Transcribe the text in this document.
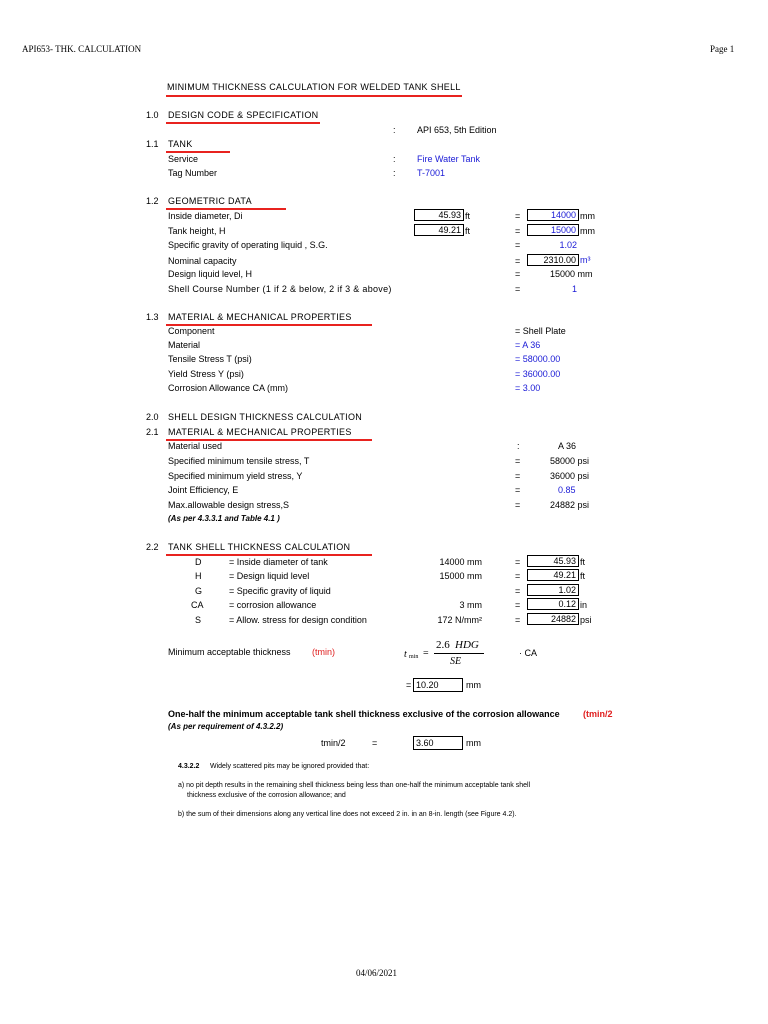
API653- THK. CALCULATION	Page 1
MINIMUM THICKNESS CALCULATION FOR WELDED TANK SHELL
1.0 DESIGN CODE & SPECIFICATION
: API 653, 5th Edition
1.1 TANK
Service	: Fire Water Tank
Tag Number	: T-7001
1.2 GEOMETRIC DATA
Inside diameter, Di	45.93 ft	=	14000 mm
Tank height, H	49.21 ft	=	15000 mm
Specific gravity of operating liquid , S.G.	=	1.02
Nominal capacity	=	2310.00 m³
Design liquid level, H	=	15000 mm
Shell Course Number (1 if 2 & below, 2 if 3 & above)	=	1
1.3 MATERIAL & MECHANICAL PROPERTIES
Component	= Shell Plate
Material	= A 36
Tensile Stress T (psi)	= 58000.00
Yield Stress Y (psi)	= 36000.00
Corrosion Allowance CA (mm)	= 3.00
2.0 SHELL DESIGN THICKNESS CALCULATION
2.1 MATERIAL & MECHANICAL PROPERTIES
Material used	:	A 36
Specified minimum tensile stress, T	=	58000 psi
Specified minimum yield stress, Y	=	36000 psi
Joint Efficiency, E	=	0.85
Max.allowable design stress,S	=	24882 psi
(As per 4.3.3.1 and Table 4.1 )
2.2 TANK SHELL THICKNESS CALCULATION
D	= Inside diameter of tank	14000 mm	=	45.93 ft
H	= Design liquid level	15000 mm	=	49.21 ft
G	= Specific gravity of liquid	=	1.02
CA	= corrosion allowance	3 mm	=	0.12 in
S	= Allow. stress for design condition	172 N/mm²	=	24882 psi
Minimum acceptable thickness (tmin)	t min =
2.6 HDG
SE
· CA
= 10.20	mm
One-half the minimum acceptable tank shell thickness exclusive of the corrosion allowance	(tmin/2
(As per requirement of 4.3.2.2)
tmin/2	=	3.60	mm
4.3.2.2 Widely scattered pits may be ignored provided that:
a) no pit depth results in the remaining shell thickness being less than one-half the minimum acceptable tank shell
thickness exclusive of the corrosion allowance; and
b) the sum of their dimensions along any vertical line does not exceed 2 in. in an 8-in. length (see Figure 4.2).
04/06/2021
